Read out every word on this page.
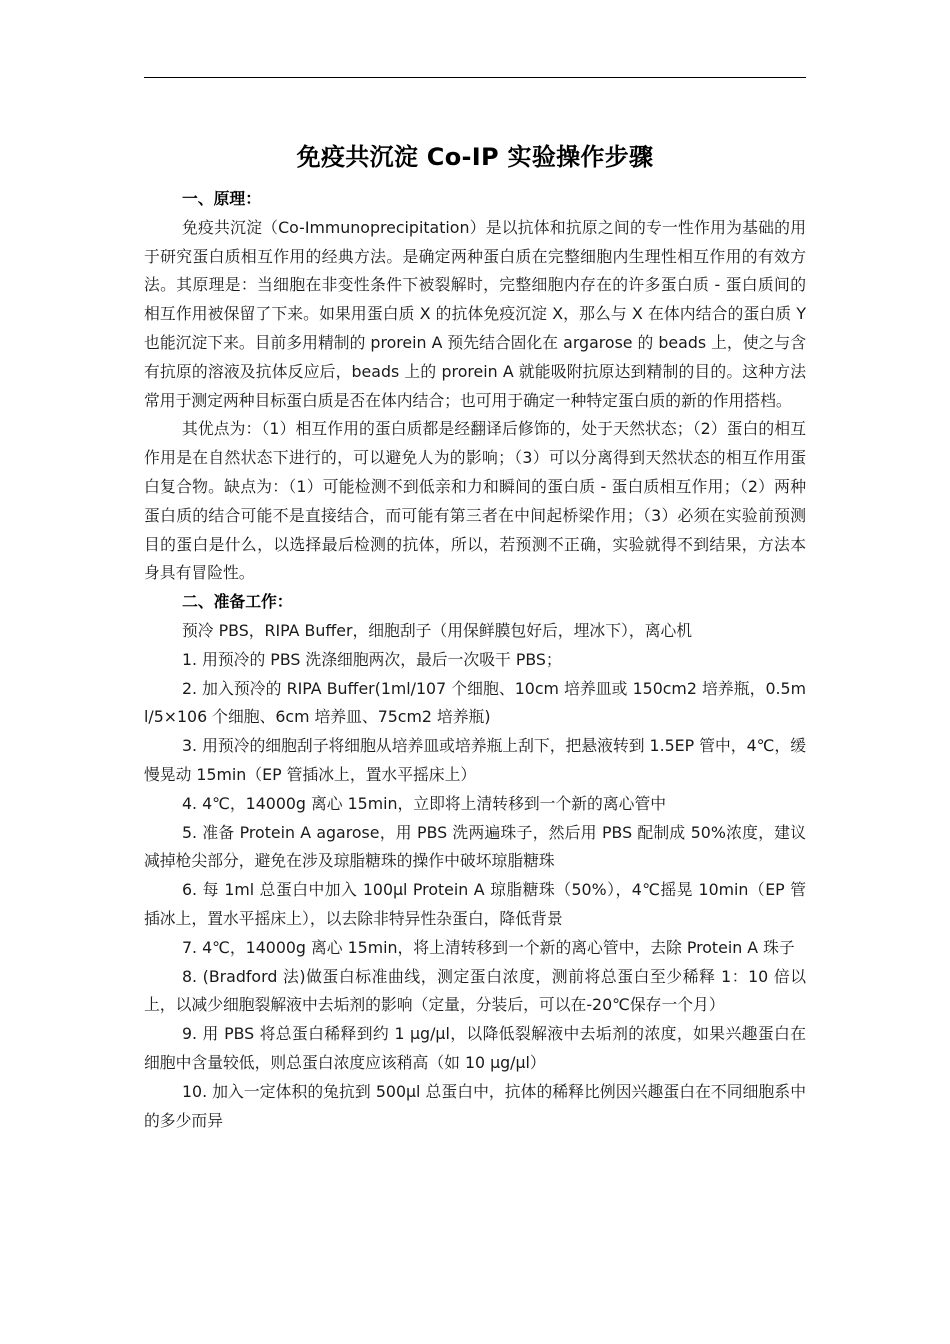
免疫共沉淀 Co-IP 实验操作步骤

一、原理：

免疫共沉淀（Co-Immunoprecipitation）是以抗体和抗原之间的专一性作用为基础的用于研究蛋白质相互作用的经典方法。是确定两种蛋白质在完整细胞内生理性相互作用的有效方法。其原理是：当细胞在非变性条件下被裂解时，完整细胞内存在的许多蛋白质 - 蛋白质间的相互作用被保留了下来。如果用蛋白质 X 的抗体免疫沉淀 X，那么与 X 在体内结合的蛋白质 Y 也能沉淀下来。目前多用精制的 prorein A 预先结合固化在 argarose 的 beads 上，使之与含有抗原的溶液及抗体反应后，beads 上的 prorein A 就能吸附抗原达到精制的目的。这种方法常用于测定两种目标蛋白质是否在体内结合；也可用于确定一种特定蛋白质的新的作用搭档。

其优点为：（1）相互作用的蛋白质都是经翻译后修饰的，处于天然状态；（2）蛋白的相互作用是在自然状态下进行的，可以避免人为的影响；（3）可以分离得到天然状态的相互作用蛋白复合物。缺点为：（1）可能检测不到低亲和力和瞬间的蛋白质 - 蛋白质相互作用；（2）两种蛋白质的结合可能不是直接结合，而可能有第三者在中间起桥梁作用；（3）必须在实验前预测目的蛋白是什么，以选择最后检测的抗体，所以，若预测不正确，实验就得不到结果，方法本身具有冒险性。

二、准备工作：

预冷 PBS，RIPA Buffer，细胞刮子（用保鲜膜包好后，埋冰下），离心机

1. 用预冷的 PBS 洗涤细胞两次，最后一次吸干 PBS；

2. 加入预冷的 RIPA Buffer(1ml/107 个细胞、10cm 培养皿或 150cm2 培养瓶，0.5ml/5×106 个细胞、6cm 培养皿、75cm2 培养瓶)

3. 用预冷的细胞刮子将细胞从培养皿或培养瓶上刮下，把悬液转到 1.5EP 管中，4℃，缓慢晃动 15min（EP 管插冰上，置水平摇床上）

4. 4℃，14000g 离心 15min，立即将上清转移到一个新的离心管中

5. 准备 Protein A agarose，用 PBS 洗两遍珠子，然后用 PBS 配制成 50%浓度，建议减掉枪尖部分，避免在涉及琼脂糖珠的操作中破坏琼脂糖珠

6. 每 1ml 总蛋白中加入 100μl Protein A 琼脂糖珠（50%），4℃摇晃 10min（EP 管插冰上，置水平摇床上），以去除非特异性杂蛋白，降低背景

7. 4℃，14000g 离心 15min，将上清转移到一个新的离心管中，去除 Protein A 珠子

8. (Bradford 法)做蛋白标准曲线，测定蛋白浓度，测前将总蛋白至少稀释 1：10 倍以上，以减少细胞裂解液中去垢剂的影响（定量，分装后，可以在-20℃保存一个月）

9. 用 PBS 将总蛋白稀释到约 1 μg/μl，以降低裂解液中去垢剂的浓度，如果兴趣蛋白在细胞中含量较低，则总蛋白浓度应该稍高（如 10 μg/μl）

10. 加入一定体积的兔抗到 500μl 总蛋白中，抗体的稀释比例因兴趣蛋白在不同细胞系中的多少而异
